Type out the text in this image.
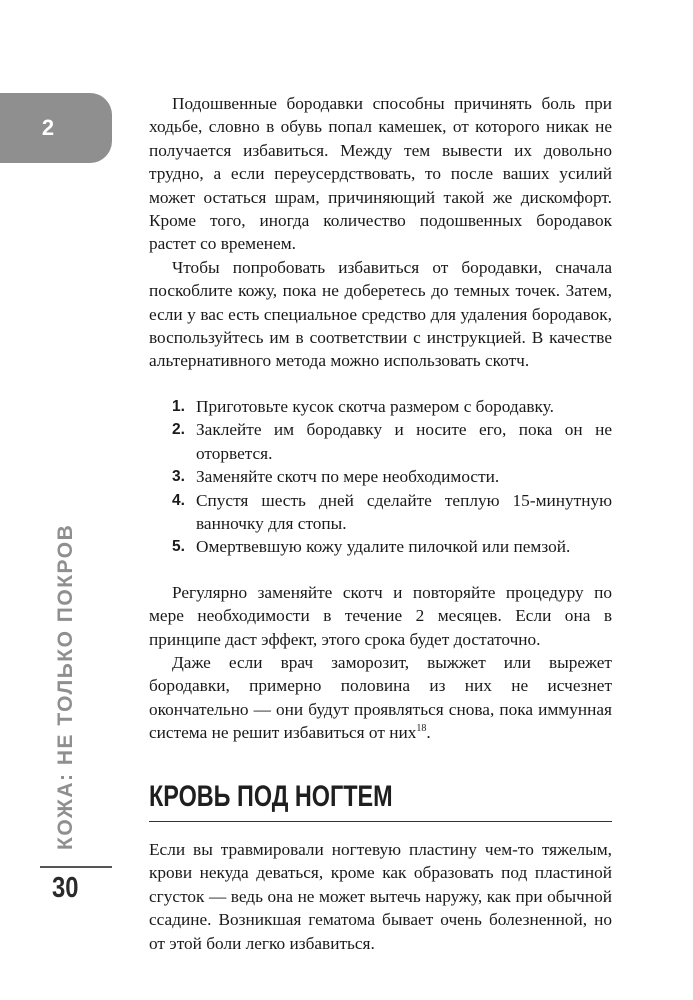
2
КОЖА: НЕ ТОЛЬКО ПОКРОВ
30

Подошвенные бородавки способны причинять боль при ходьбе, словно в обувь попал камешек, от которого никак не получается избавиться. Между тем вывести их довольно трудно, а если переусердствовать, то после ваших усилий может остаться шрам, причиняющий такой же дискомфорт. Кроме того, иногда количество подошвенных бородавок растет со временем.

Чтобы попробовать избавиться от бородавки, сначала поскоблите кожу, пока не доберетесь до темных точек. Затем, если у вас есть специальное средство для удаления бородавок, воспользуйтесь им в соответствии с инструкцией. В качестве альтернативного метода можно использовать скотч.

1. Приготовьте кусок скотча размером с бородавку.
2. Заклейте им бородавку и носите его, пока он не оторвется.
3. Заменяйте скотч по мере необходимости.
4. Спустя шесть дней сделайте теплую 15-минутную ванночку для стопы.
5. Омертвевшую кожу удалите пилочкой или пемзой.

Регулярно заменяйте скотч и повторяйте процедуру по мере необходимости в течение 2 месяцев. Если она в принципе даст эффект, этого срока будет достаточно.

Даже если врач заморозит, выжжет или вырежет бородавки, примерно половина из них не исчезнет окончательно — они будут проявляться снова, пока иммунная система не решит избавиться от них$^{18}$.

КРОВЬ ПОД НОГТЕМ

Если вы травмировали ногтевую пластину чем-то тяжелым, крови некуда деваться, кроме как образовать под пластиной сгусток — ведь она не может вытечь наружу, как при обычной ссадине. Возникшая гематома бывает очень болезненной, но от этой боли легко избавиться.
